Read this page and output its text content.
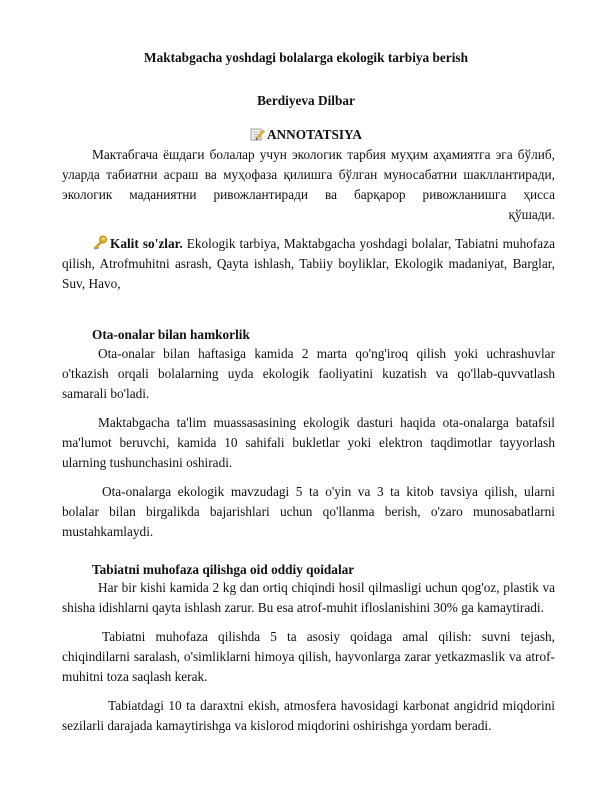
Maktabgacha yoshdagi bolalarga ekologik tarbiya berish
Berdiyeva Dilbar
ANNOTATSIYA

Мактабгача ёшдаги болалар учун экологик тарбия муҳим аҳамиятга эга бўлиб, уларда табиатни асраш ва муҳофаза қилишга бўлган муносабатни шакллантиради, экологик маданиятни ривожлантиради ва барқарор ривожланишга ҳисса

қўшади.

Kalit so'zlar. Ekologik tarbiya, Maktabgacha yoshdagi bolalar, Tabiatni muhofaza qilish, Atrofmuhitni asrash, Qayta ishlash, Tabiiy boyliklar, Ekologik madaniyat, Barglar, Suv, Havo,

Ota-onalar bilan hamkorlik

Ota-onalar bilan haftasiga kamida 2 marta qo'ng'iroq qilish yoki uchrashuvlar o'tkazish orqali bolalarning uyda ekologik faoliyatini kuzatish va qo'llab-quvvatlash samarali bo'ladi.

Maktabgacha ta'lim muassasasining ekologik dasturi haqida ota-onalarga batafsil ma'lumot beruvchi, kamida 10 sahifali bukletlar yoki elektron taqdimotlar tayyorlash ularning tushunchasini oshiradi.

Ota-onalarga ekologik mavzudagi 5 ta o'yin va 3 ta kitob tavsiya qilish, ularni bolalar bilan birgalikda bajarishlari uchun qo'llanma berish, o'zaro munosabatlarni mustahkamlaydi.

Tabiatni muhofaza qilishga oid oddiy qoidalar

Har bir kishi kamida 2 kg dan ortiq chiqindi hosil qilmasligi uchun qog'oz, plastik va shisha idishlarni qayta ishlash zarur. Bu esa atrof-muhit ifloslanishini 30% ga kamaytiradi.

Tabiatni muhofaza qilishda 5 ta asosiy qoidaga amal qilish: suvni tejash, chiqindilarni saralash, o'simliklarni himoya qilish, hayvonlarga zarar yetkazmaslik va atrof-muhitni toza saqlash kerak.

Tabiatdagi 10 ta daraxtni ekish, atmosfera havosidagi karbonat angidrid miqdorini sezilarli darajada kamaytirishga va kislorod miqdorini oshirishga yordam beradi.
